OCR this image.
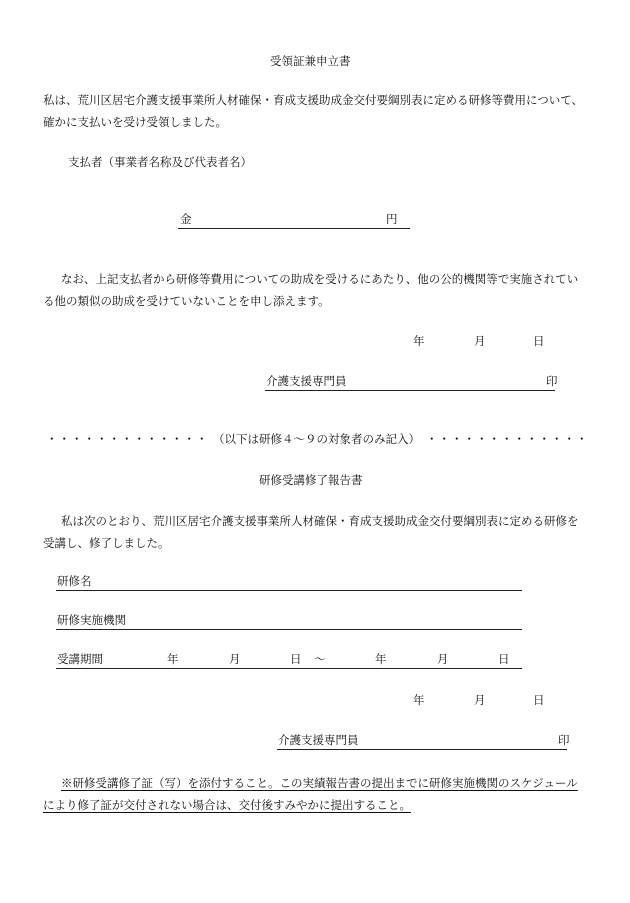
受領証兼申立書
私は、荒川区居宅介護支援事業所人材確保・育成支援助成金交付要綱別表に定める研修等費用について、確かに支払いを受け受領しました。
支払者（事業者名称及び代表者名）
金	円
なお、上記支払者から研修等費用についての助成を受けるにあたり、他の公的機関等で実施されている他の類似の助成を受けていないことを申し添えます。
年	月	日
介護支援専門員	印
・・・・・・・・・・・・・ （以下は研修４～９の対象者のみ記入） ・・・・・・・・・・・・・
研修受講修了報告書
私は次のとおり、荒川区居宅介護支援事業所人材確保・育成支援助成金交付要綱別表に定める研修を受講し、修了しました。
研修名
研修実施機関
受講期間	年	月	日 ～	年	月	日
年	月	日
介護支援専門員	印
※研修受講修了証（写）を添付すること。この実績報告書の提出までに研修実施機関のスケジュールにより修了証が交付されない場合は、交付後すみやかに提出すること。
